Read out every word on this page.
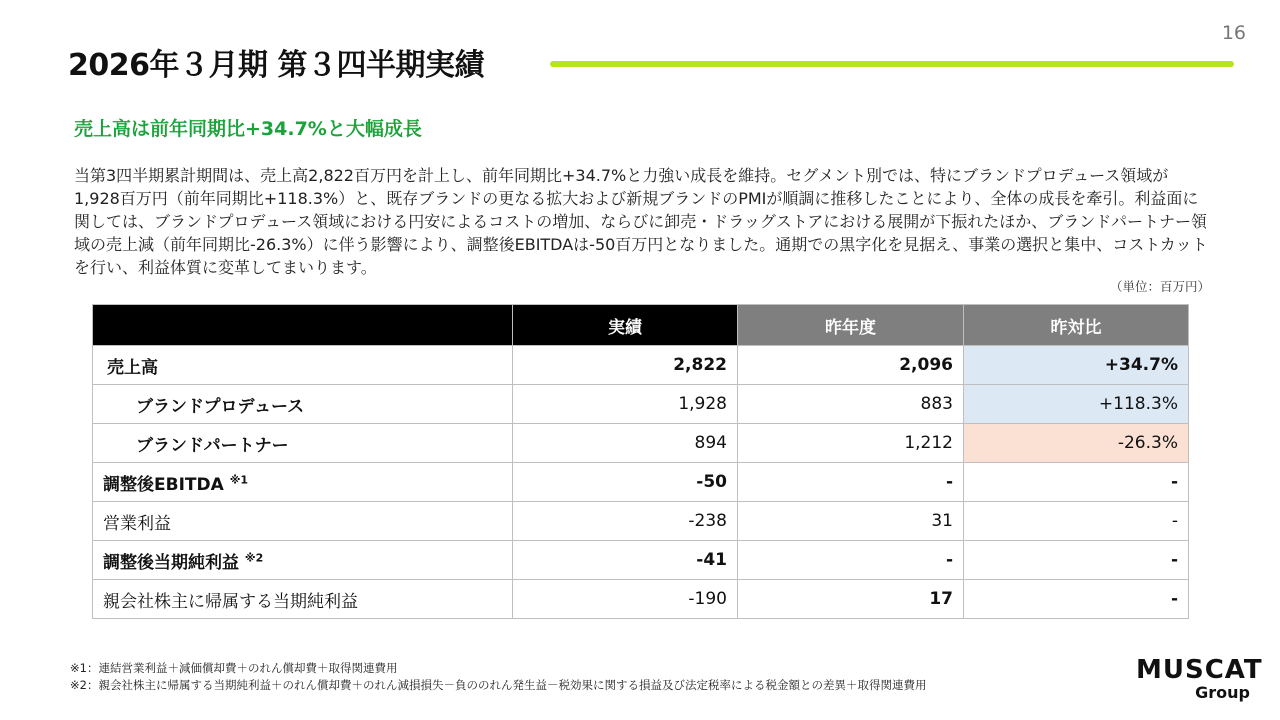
16
2026年３月期 第３四半期実績
売上高は前年同期比+34.7%と大幅成長

当第3四半期累計期間は、売上高2,822百万円を計上し、前年同期比+34.7%と力強い成長を維持。セグメント別では、特にブランドプロデュース領域が1,928百万円（前年同期比+118.3%）と、既存ブランドの更なる拡大および新規ブランドのPMIが順調に推移したことにより、全体の成長を牽引。利益面に関しては、ブランドプロデュース領域における円安によるコストの増加、ならびに卸売・ドラッグストアにおける展開が下振れたほか、ブランドパートナー領域の売上減（前年同期比-26.3%）に伴う影響により、調整後EBITDAは-50百万円となりました。通期での黒字化を見据え、事業の選択と集中、コストカットを行い、利益体質に変革してまいります。

（単位：百万円）
	実績	昨年度	昨対比
売上高	2,822	2,096	+34.7%
ブランドプロデュース	1,928	883	+118.3%
ブランドパートナー	894	1,212	-26.3%
調整後EBITDA $^{※1}$	-50	-	-
営業利益	-238	31	-
調整後当期純利益 $^{※2}$	-41	-	-
親会社株主に帰属する当期純利益	-190	17	-
※1：連結営業利益＋減価償却費＋のれん償却費＋取得関連費用
※2：親会社株主に帰属する当期純利益＋のれん償却費＋のれん減損損失－負ののれん発生益－税効果に関する損益及び法定税率による税金額との差異＋取得関連費用	MUSCAT
Group
